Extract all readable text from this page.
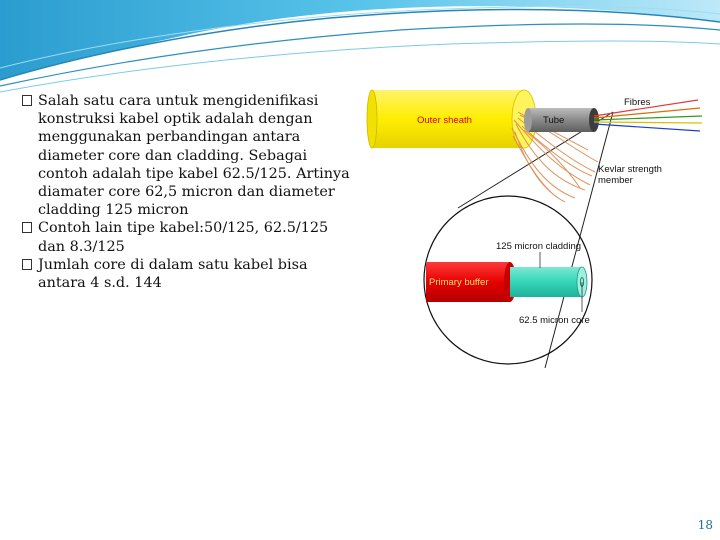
Salah satu cara untuk mengidenifikasi konstruksi kabel optik adalah dengan menggunakan perbandingan antara diameter core dan cladding. Sebagai contoh adalah tipe kabel 62.5/125. Artinya diamater core 62,5 micron dan diameter cladding 125 micron
Contoh lain tipe kabel:50/125, 62.5/125 dan 8.3/125
Jumlah core di dalam satu kabel bisa antara 4 s.d. 144
Outer sheath	Tube
Fibres
Kevlar strength
member
125 micron cladding
Primary buffer
62.5 micron core
18
